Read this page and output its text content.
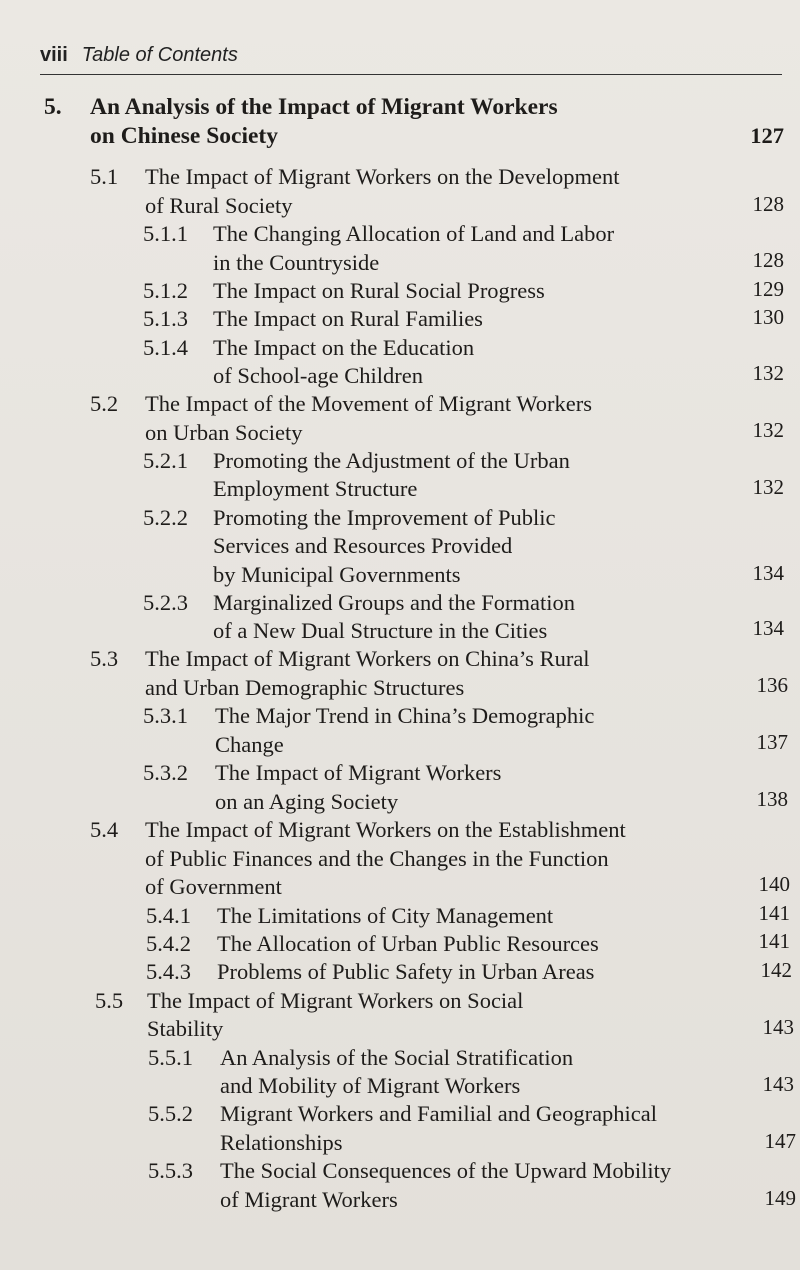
viii Table of Contents
5. An Analysis of the Impact of Migrant Workers
on Chinese Society	127
5.1 The Impact of Migrant Workers on the Development
of Rural Society	128
5.1.1 The Changing Allocation of Land and Labor
in the Countryside	128
5.1.2 The Impact on Rural Social Progress	129
5.1.3 The Impact on Rural Families	130
5.1.4 The Impact on the Education
of School-age Children	132
5.2 The Impact of the Movement of Migrant Workers
on Urban Society	132
5.2.1 Promoting the Adjustment of the Urban
Employment Structure	132
5.2.2 Promoting the Improvement of Public
Services and Resources Provided
by Municipal Governments	134
5.2.3 Marginalized Groups and the Formation
of a New Dual Structure in the Cities	134
5.3 The Impact of Migrant Workers on China’s Rural
and Urban Demographic Structures	136
5.3.1 The Major Trend in China’s Demographic
Change	137
5.3.2 The Impact of Migrant Workers
on an Aging Society	138
5.4 The Impact of Migrant Workers on the Establishment
of Public Finances and the Changes in the Function
of Government	140
5.4.1 The Limitations of City Management	141
5.4.2 The Allocation of Urban Public Resources	141
5.4.3 Problems of Public Safety in Urban Areas	142
5.5 The Impact of Migrant Workers on Social
Stability	143
5.5.1 An Analysis of the Social Stratification
and Mobility of Migrant Workers	143
5.5.2 Migrant Workers and Familial and Geographical
Relationships	147
5.5.3 The Social Consequences of the Upward Mobility
of Migrant Workers	149
